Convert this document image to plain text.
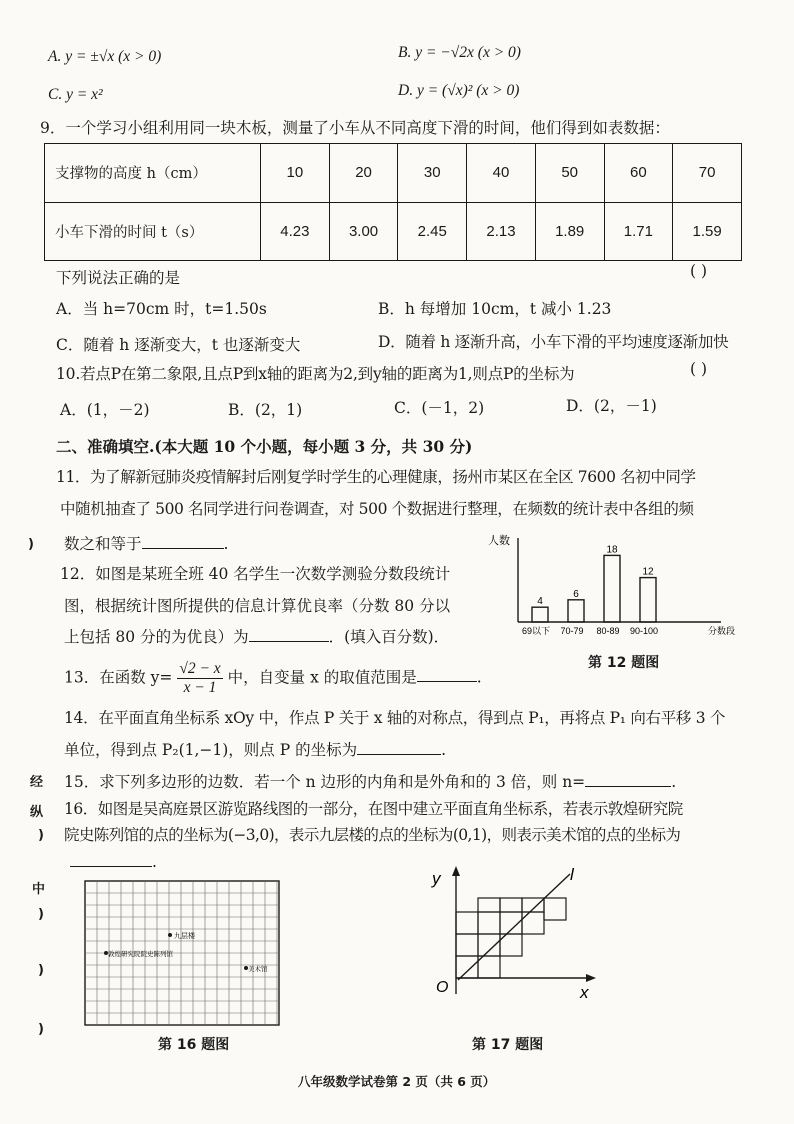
A. y = ±√x (x > 0)	B. y = −√2x (x > 0)
C. y = x²	D. y = (√x)² (x > 0)
9．一个学习小组利用同一块木板，测量了小车从不同高度下滑的时间，他们得到如表数据：
支撑物的高度 h（cm）	10	20	30	40	50	60	70
小车下滑的时间 t（s）	4.23	3.00	2.45	2.13	1.89	1.71	1.59
下列说法正确的是	( )
A．当 h=70cm 时，t=1.50s	B．h 每增加 10cm，t 减小 1.23
C．随着 h 逐渐变大，t 也逐渐变大	D．随着 h 逐渐升高，小车下滑的平均速度逐渐加快
10.若点P在第二象限,且点P到x轴的距离为2,到y轴的距离为1,则点P的坐标为	( )
A．(1，－2)	B．(2，1)	C．(－1，2)	D．(2，－1)
二、准确填空.(本大题 10 个小题，每小题 3 分，共 30 分)
11．为了解新冠肺炎疫情解封后刚复学时学生的心理健康，扬州市某区在全区 7600 名初中同学
中随机抽查了 500 名同学进行问卷调查，对 500 个数据进行整理，在频数的统计表中各组的频
数之和等于	.
12．如图是某班全班 40 名学生一次数学测验分数段统计
图，根据统计图所提供的信息计算优良率（分数 80 分以
上包括 80 分的为优良）为	．(填入百分数)．
人数
分数段
4
69以下
6
70-79
18
80-89
12
90-100
第 12 题图
13．在函数 $y= \frac{√2 - x}{x - 1}$ 中，自变量 x 的取值范围是	.
14．在平面直角坐标系 xOy 中，作点 P 关于 x 轴的对称点，得到点 P₁，再将点 P₁ 向右平移 3 个
单位，得到点 P₂(1,−1)，则点 P 的坐标为	.
15．求下列多边形的边数．若一个 n 边形的内角和是外角和的 3 倍，则 n=	.
16．如图是吴高庭景区游览路线图的一部分，在图中建立平面直角坐标系，若表示敦煌研究院
院史陈列馆的点的坐标为(−3,0)，表示九层楼的点的坐标为(0,1)，则表示美术馆的点的坐标为
.
九层楼
敦煌研究院院史陈列馆
美术馆
第 16 题图
y
x
O
l
第 17 题图
)
经
纵
)
中
)
)
)
八年级数学试卷第 2 页（共 6 页）
